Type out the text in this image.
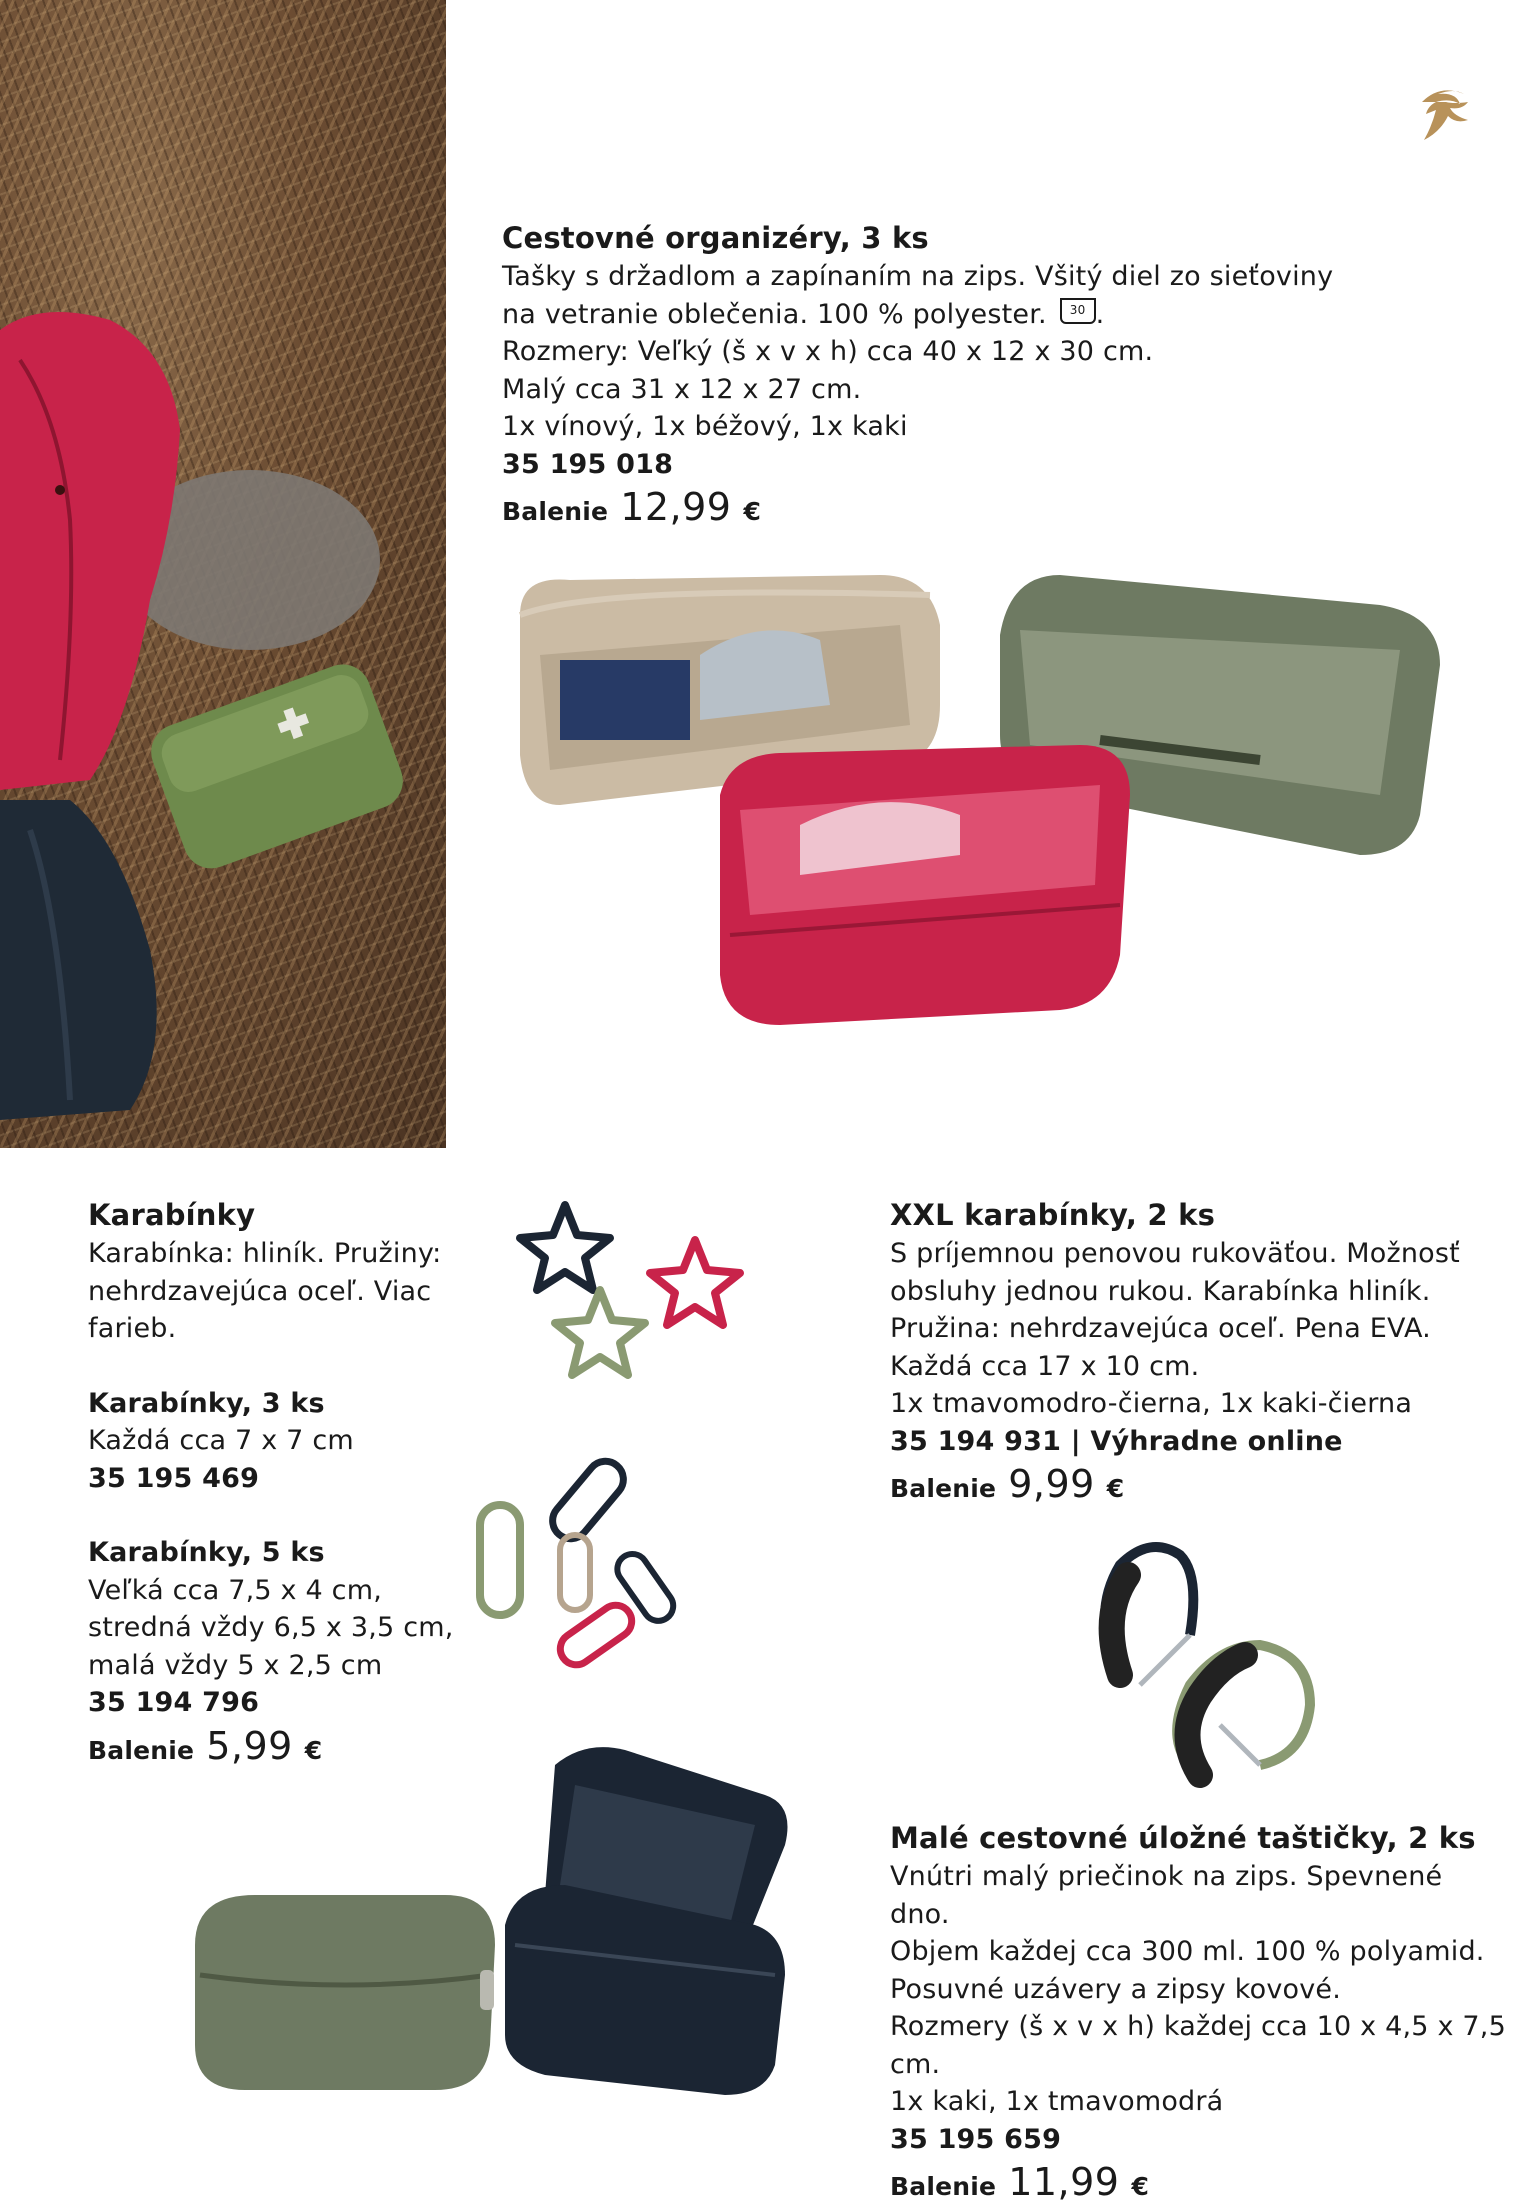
Cestovné organizéry, 3 ks

Tašky s držadlom a zapínaním na zips. Všitý diel zo sieťoviny

na vetranie oblečenia. 100 % polyester. 30 .

Rozmery: Veľký (š x v x h) cca 40 x 12 x 30 cm.

Malý cca 31 x 12 x 27 cm.

1x vínový, 1x béžový, 1x kaki

35 195 018

Balenie 12,99 €

Karabínky

Karabínka: hliník. Pružiny:

nehrdzavejúca oceľ. Viac farieb.

Karabínky, 3 ks

Každá cca 7 x 7 cm

35 195 469

Karabínky, 5 ks

Veľká cca 7,5 x 4 cm,

stredná vždy 6,5 x 3,5 cm,

malá vždy 5 x 2,5 cm

35 194 796

Balenie 5,99 €

XXL karabínky, 2 ks

S príjemnou penovou rukoväťou. Možnosť

obsluhy jednou rukou. Karabínka hliník.

Pružina: nehrdzavejúca oceľ. Pena EVA.

Každá cca 17 x 10 cm.

1x tmavomodro-čierna, 1x kaki-čierna

35 194 931 | Výhradne online

Balenie 9,99 €

Malé cestovné úložné taštičky, 2 ks

Vnútri malý priečinok na zips. Spevnené dno.

Objem každej cca 300 ml. 100 % polyamid.

Posuvné uzávery a zipsy kovové.

Rozmery (š x v x h) každej cca 10 x 4,5 x 7,5 cm.

1x kaki, 1x tmavomodrá

35 195 659

Balenie 11,99 €
